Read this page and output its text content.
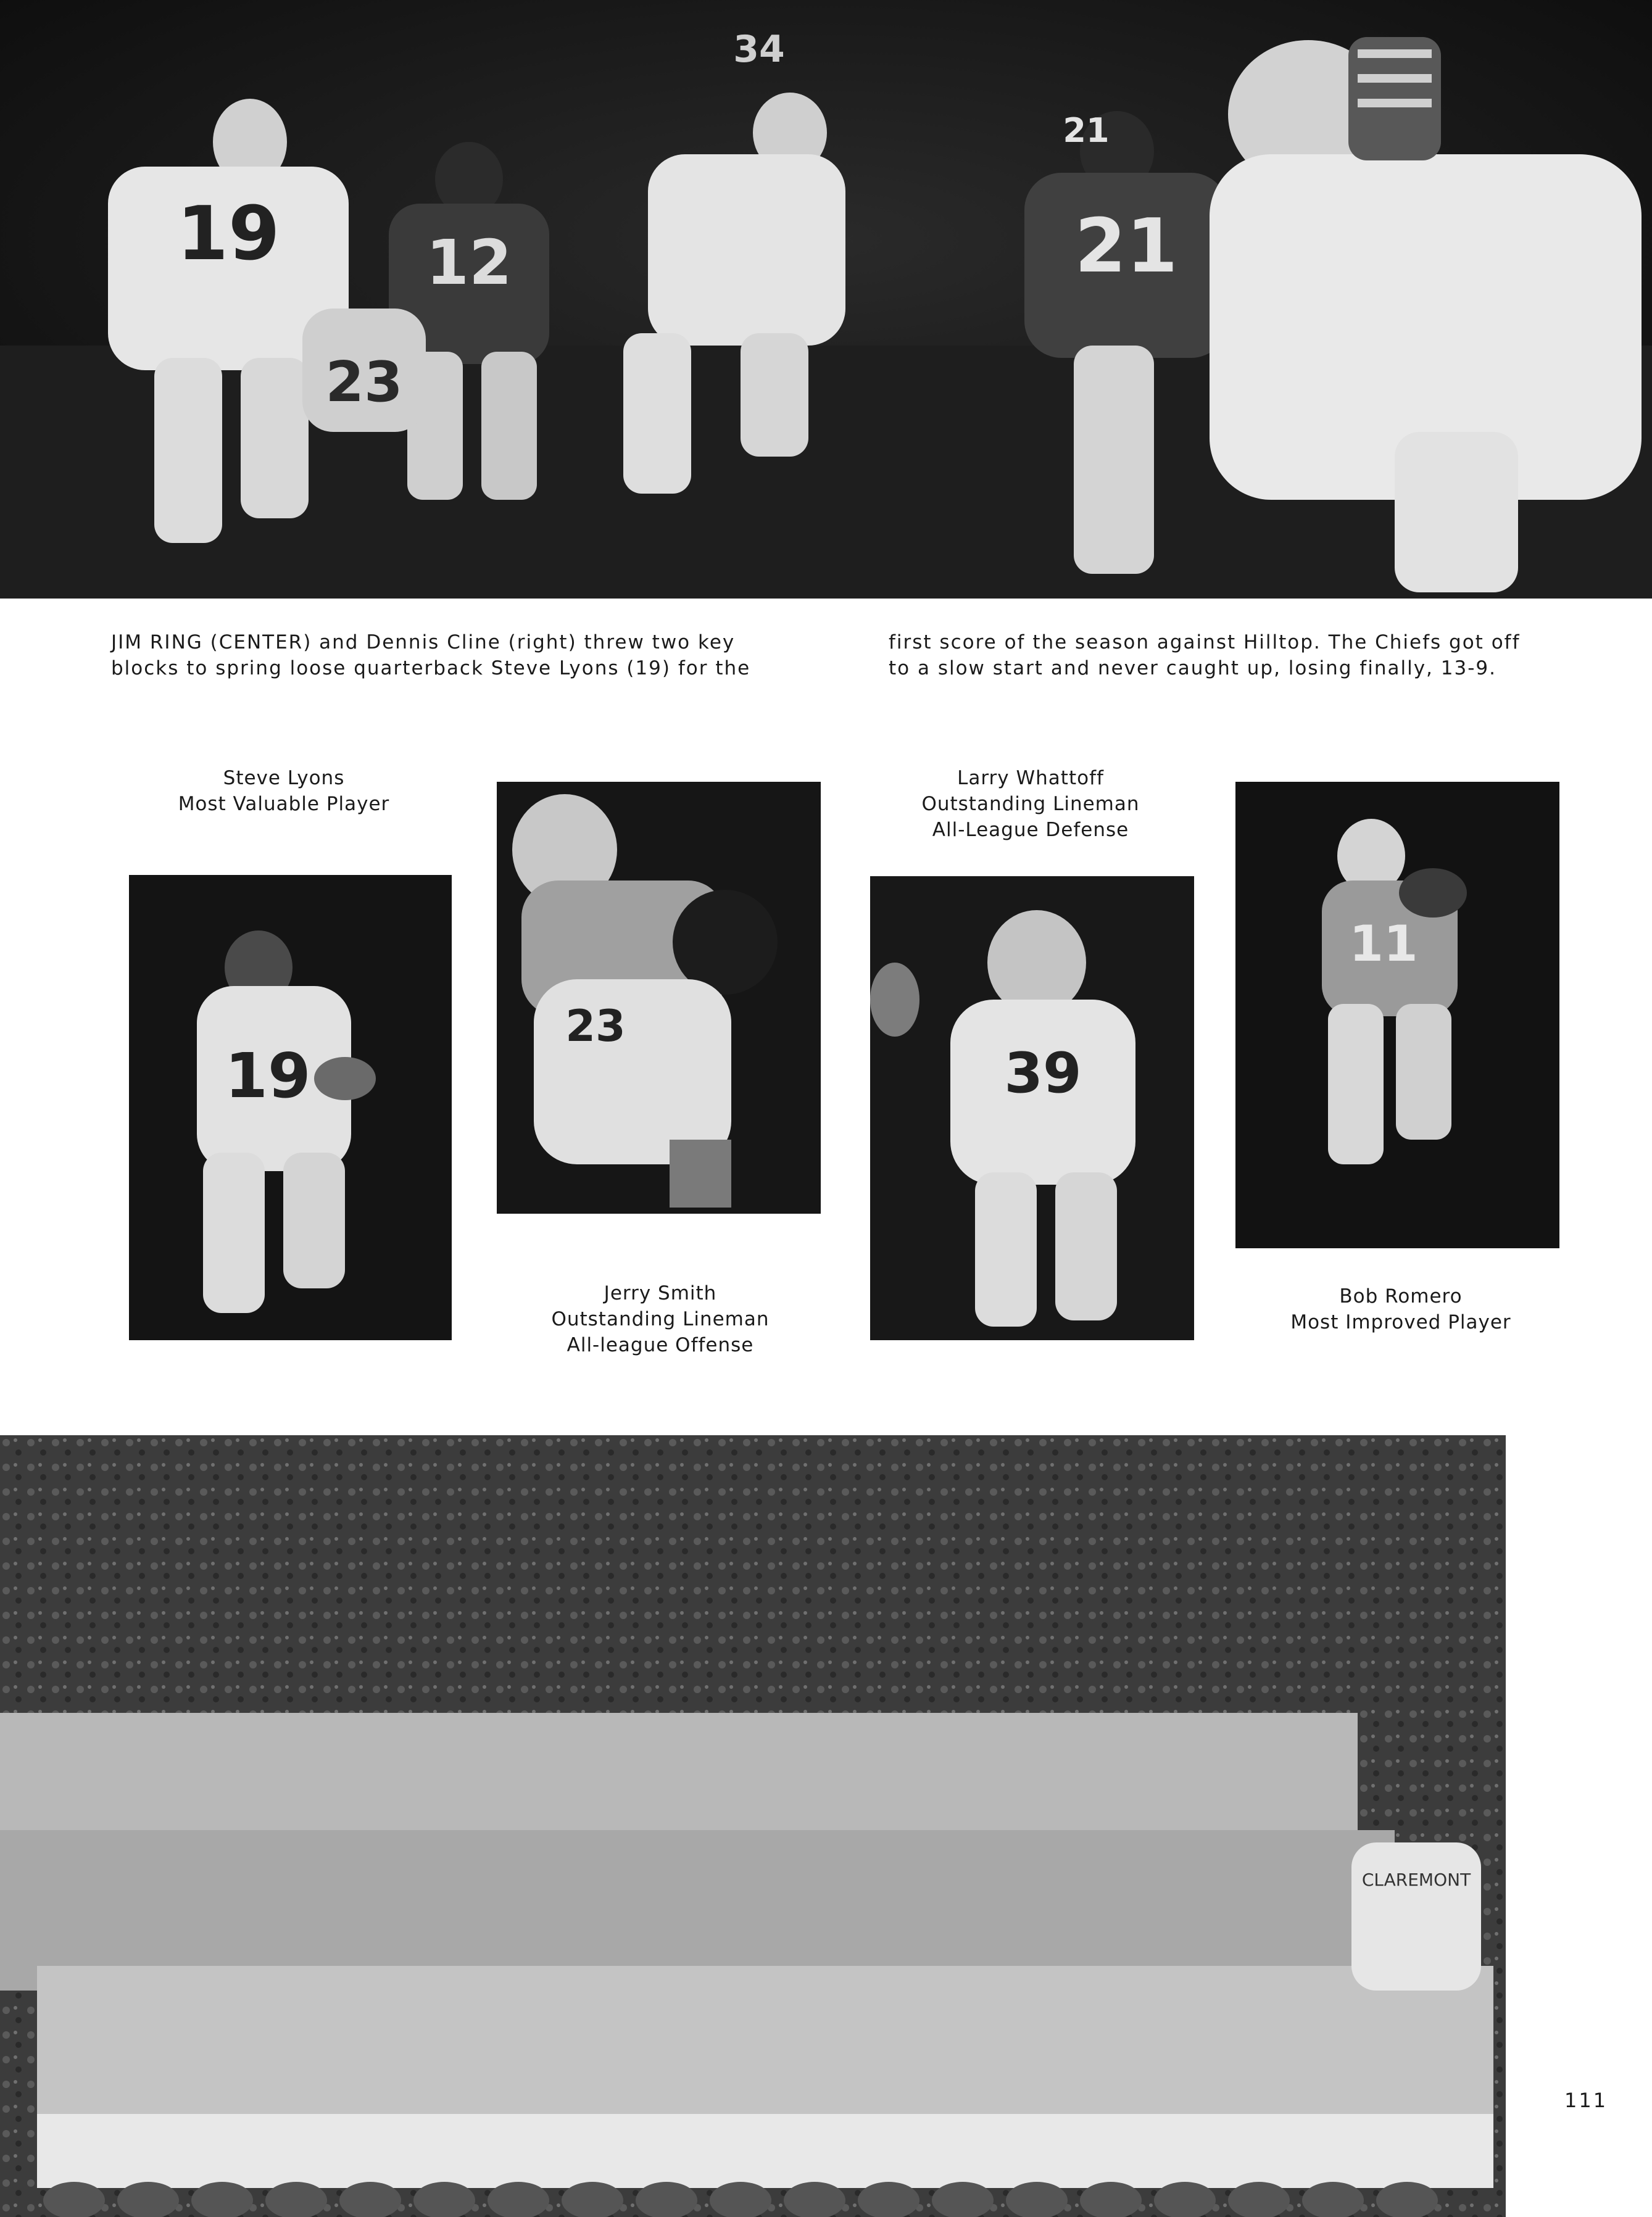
19 12
34
21
21
23
JIM RING (CENTER) and Dennis Cline (right) threw two key
blocks to spring loose quarterback Steve Lyons (19) for the
first score of the season against Hilltop. The Chiefs got off
to a slow start and never caught up, losing finally, 13-9.
Steve Lyons
Most Valuable Player
19
23
Jerry Smith
Outstanding Lineman
All-league Offense
Larry Whattoff
Outstanding Lineman
All-League Defense
39
11
Bob Romero
Most Improved Player
CLAREMONT
111
